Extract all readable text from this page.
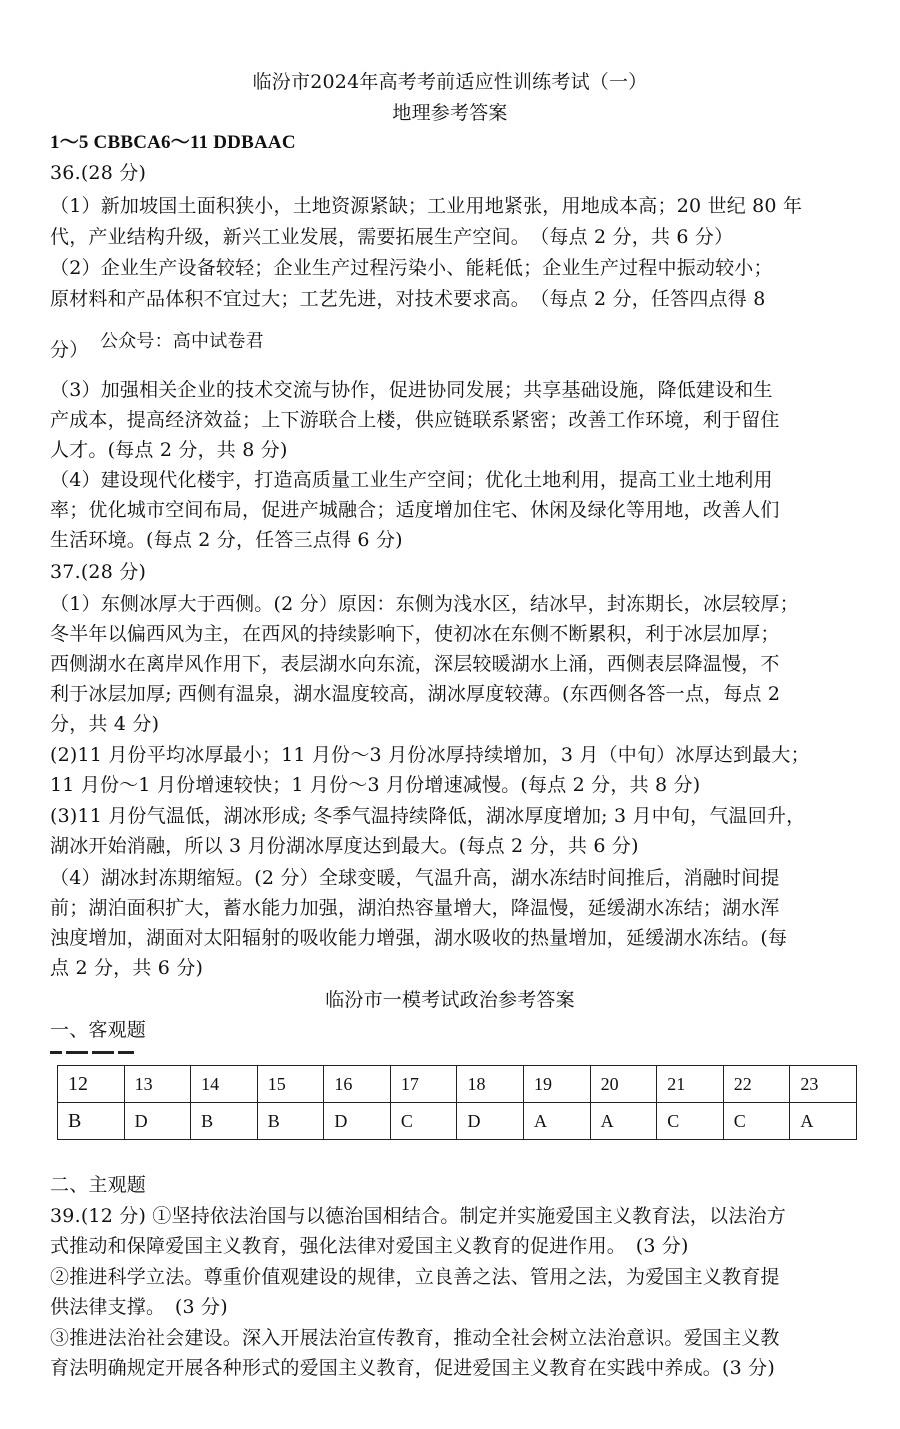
临汾市2024年高考考前适应性训练考试（一）
地理参考答案
1～5 CBBCA6～11 DDBAAC
36.(28 分)
（1）新加坡国土面积狭小，土地资源紧缺；工业用地紧张，用地成本高；20 世纪 80 年
代，产业结构升级，新兴工业发展，需要拓展生产空间。　（每点 2 分，共 6 分）
（2）企业生产设备较轻；企业生产过程污染小、能耗低；企业生产过程中振动较小；
原材料和产品体积不宜过大；工艺先进，对技术要求高。　（每点 2 分，任答四点得 8
分） 公众号：高中试卷君
（3）加强相关企业的技术交流与协作，促进协同发展；共享基础设施，降低建设和生
产成本，提高经济效益；上下游联合上楼，供应链联系紧密；改善工作环境，利于留住
人才。(每点 2 分，共 8 分)
（4）建设现代化楼宇，打造高质量工业生产空间；优化土地利用，提高工业土地利用
率；优化城市空间布局，促进产城融合；适度增加住宅、休闲及绿化等用地，改善人们
生活环境。(每点 2 分，任答三点得 6 分)
37.(28 分)
（1）东侧冰厚大于西侧。(2 分）原因：东侧为浅水区，结冰早，封冻期长，冰层较厚；
冬半年以偏西风为主，在西风的持续影响下，使初冰在东侧不断累积，利于冰层加厚；
西侧湖水在离岸风作用下，表层湖水向东流，深层较暖湖水上涌，西侧表层降温慢，不
利于冰层加厚; 西侧有温泉，湖水温度较高，湖冰厚度较薄。(东西侧各答一点，每点 2
分，共 4 分)
(2)11 月份平均冰厚最小；11 月份～3 月份冰厚持续增加，3 月（中旬）冰厚达到最大；
11 月份～1 月份增速较快；1 月份～3 月份增速减慢。(每点 2 分，共 8 分)
(3)11 月份气温低，湖冰形成; 冬季气温持续降低，湖冰厚度增加; 3 月中旬，气温回升，
湖冰开始消融，所以 3 月份湖冰厚度达到最大。(每点 2 分，共 6 分)
（4）湖冰封冻期缩短。(2 分）全球变暖，气温升高，湖水冻结时间推后，消融时间提
前；湖泊面积扩大，蓄水能力加强，湖泊热容量增大，降温慢，延缓湖水冻结；湖水浑
浊度增加，湖面对太阳辐射的吸收能力增强，湖水吸收的热量增加，延缓湖水冻结。(每
点 2 分，共 6 分)
临汾市一模考试政治参考答案
一、客观题
12	13	14	15	16	17	18	19	20	21	22	23
B	D	B	B	D	C	D	A	A	C	C	A
二、主观题
39.(12 分) ①坚持依法治国与以德治国相结合。制定并实施爱国主义教育法，以法治方
式推动和保障爱国主义教育，强化法律对爱国主义教育的促进作用。　(3 分)
②推进科学立法。尊重价值观建设的规律，立良善之法、管用之法，为爱国主义教育提
供法律支撑。　(3 分)
③推进法治社会建设。深入开展法治宣传教育，推动全社会树立法治意识。爱国主义教
育法明确规定开展各种形式的爱国主义教育，促进爱国主义教育在实践中养成。(3 分)
